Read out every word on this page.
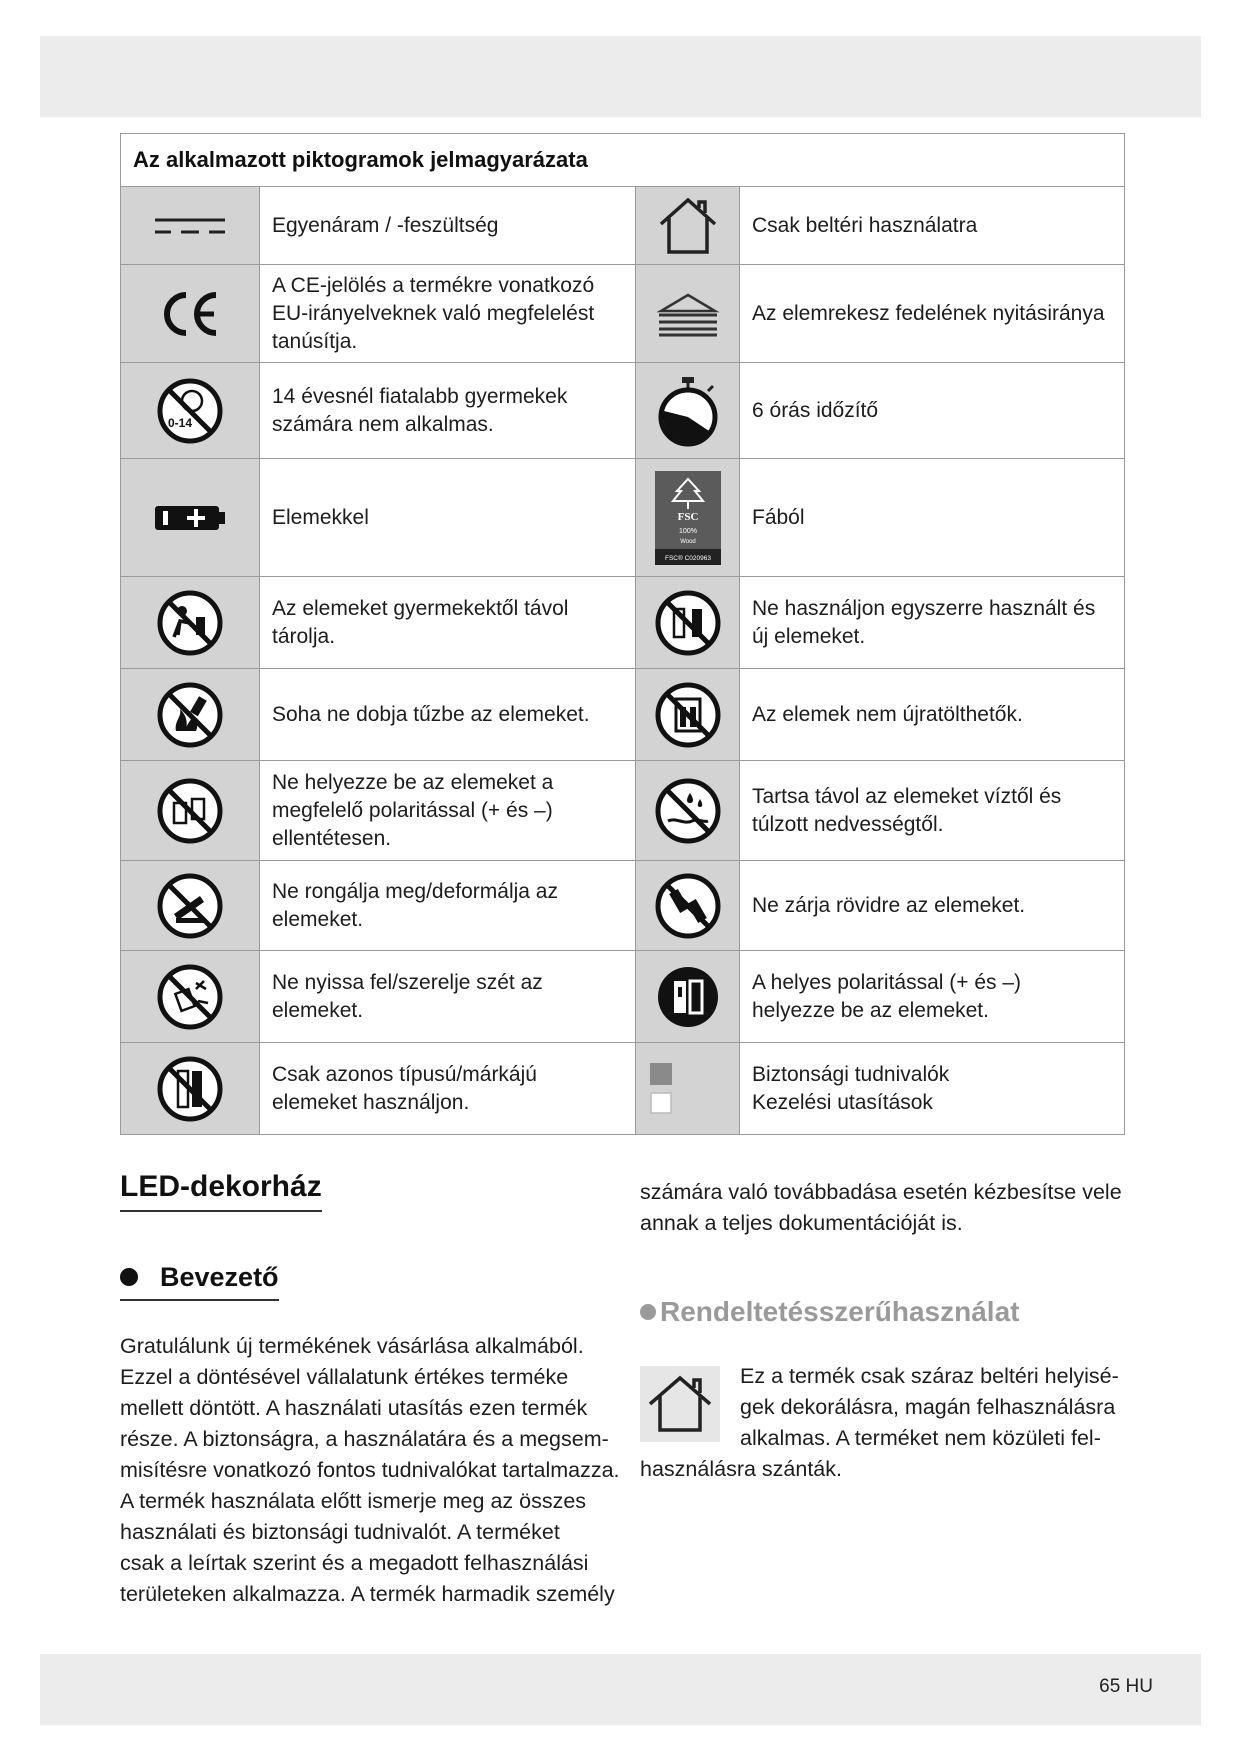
Az alkalmazott piktogramok jelmagyarázata			

Egyenáram / -feszültség		Csak beltéri használatra

A CE-jelölés a termékre vonatkozó
EU-irányelveknek való megfelelést
tanúsítja.		Az elemrekesz fedelének nyitásiránya

0-14	14 évesnél fiatalabb gyermekek
számára nem alkalmas.		6 órás időzítő

Elemekkel	FSC
100%
Wood
FSC® C020963	Fából

Az elemeket gyermekektől távol
tárolja.		Ne használjon egyszerre használt és
új elemeket.

Soha ne dobja tűzbe az elemeket.		Az elemek nem újratölthetők.

Ne helyezze be az elemeket a
megfelelő polaritással (+ és –)
ellentétesen.		Tartsa távol az elemeket víztől és
túlzott nedvességtől.

Ne rongálja meg/deformálja az
elemeket.		Ne zárja rövidre az elemeket.

Ne nyissa fel/szerelje szét az
elemeket.		A helyes polaritással (+ és –)
helyezze be az elemeket.

Csak azonos típusú/márkájú
elemeket használjon.		Biztonsági tudnivalók
Kezelési utasítások
LED-dekorház
Bevezető
Gratulálunk új termékének vásárlása alkalmából.
Ezzel a döntésével vállalatunk értékes terméke
mellett döntött. A használati utasítás ezen termék
része. A biztonságra, a használatára és a megsem-
misítésre vonatkozó fontos tudnivalókat tartalmazza.
A termék használata előtt ismerje meg az összes
használati és biztonsági tudnivalót. A terméket
csak a leírtak szerint és a megadott felhasználási
területeken alkalmazza. A termék harmadik személy
számára való továbbadása esetén kézbesítse vele
annak a teljes dokumentációját is.
Rendeltetésszerűhasználat
Ez a termék csak száraz beltéri helyisé-
gek dekorálásra, magán felhasználásra
alkalmas. A terméket nem közületi fel-
használásra szánták.
65 HU
